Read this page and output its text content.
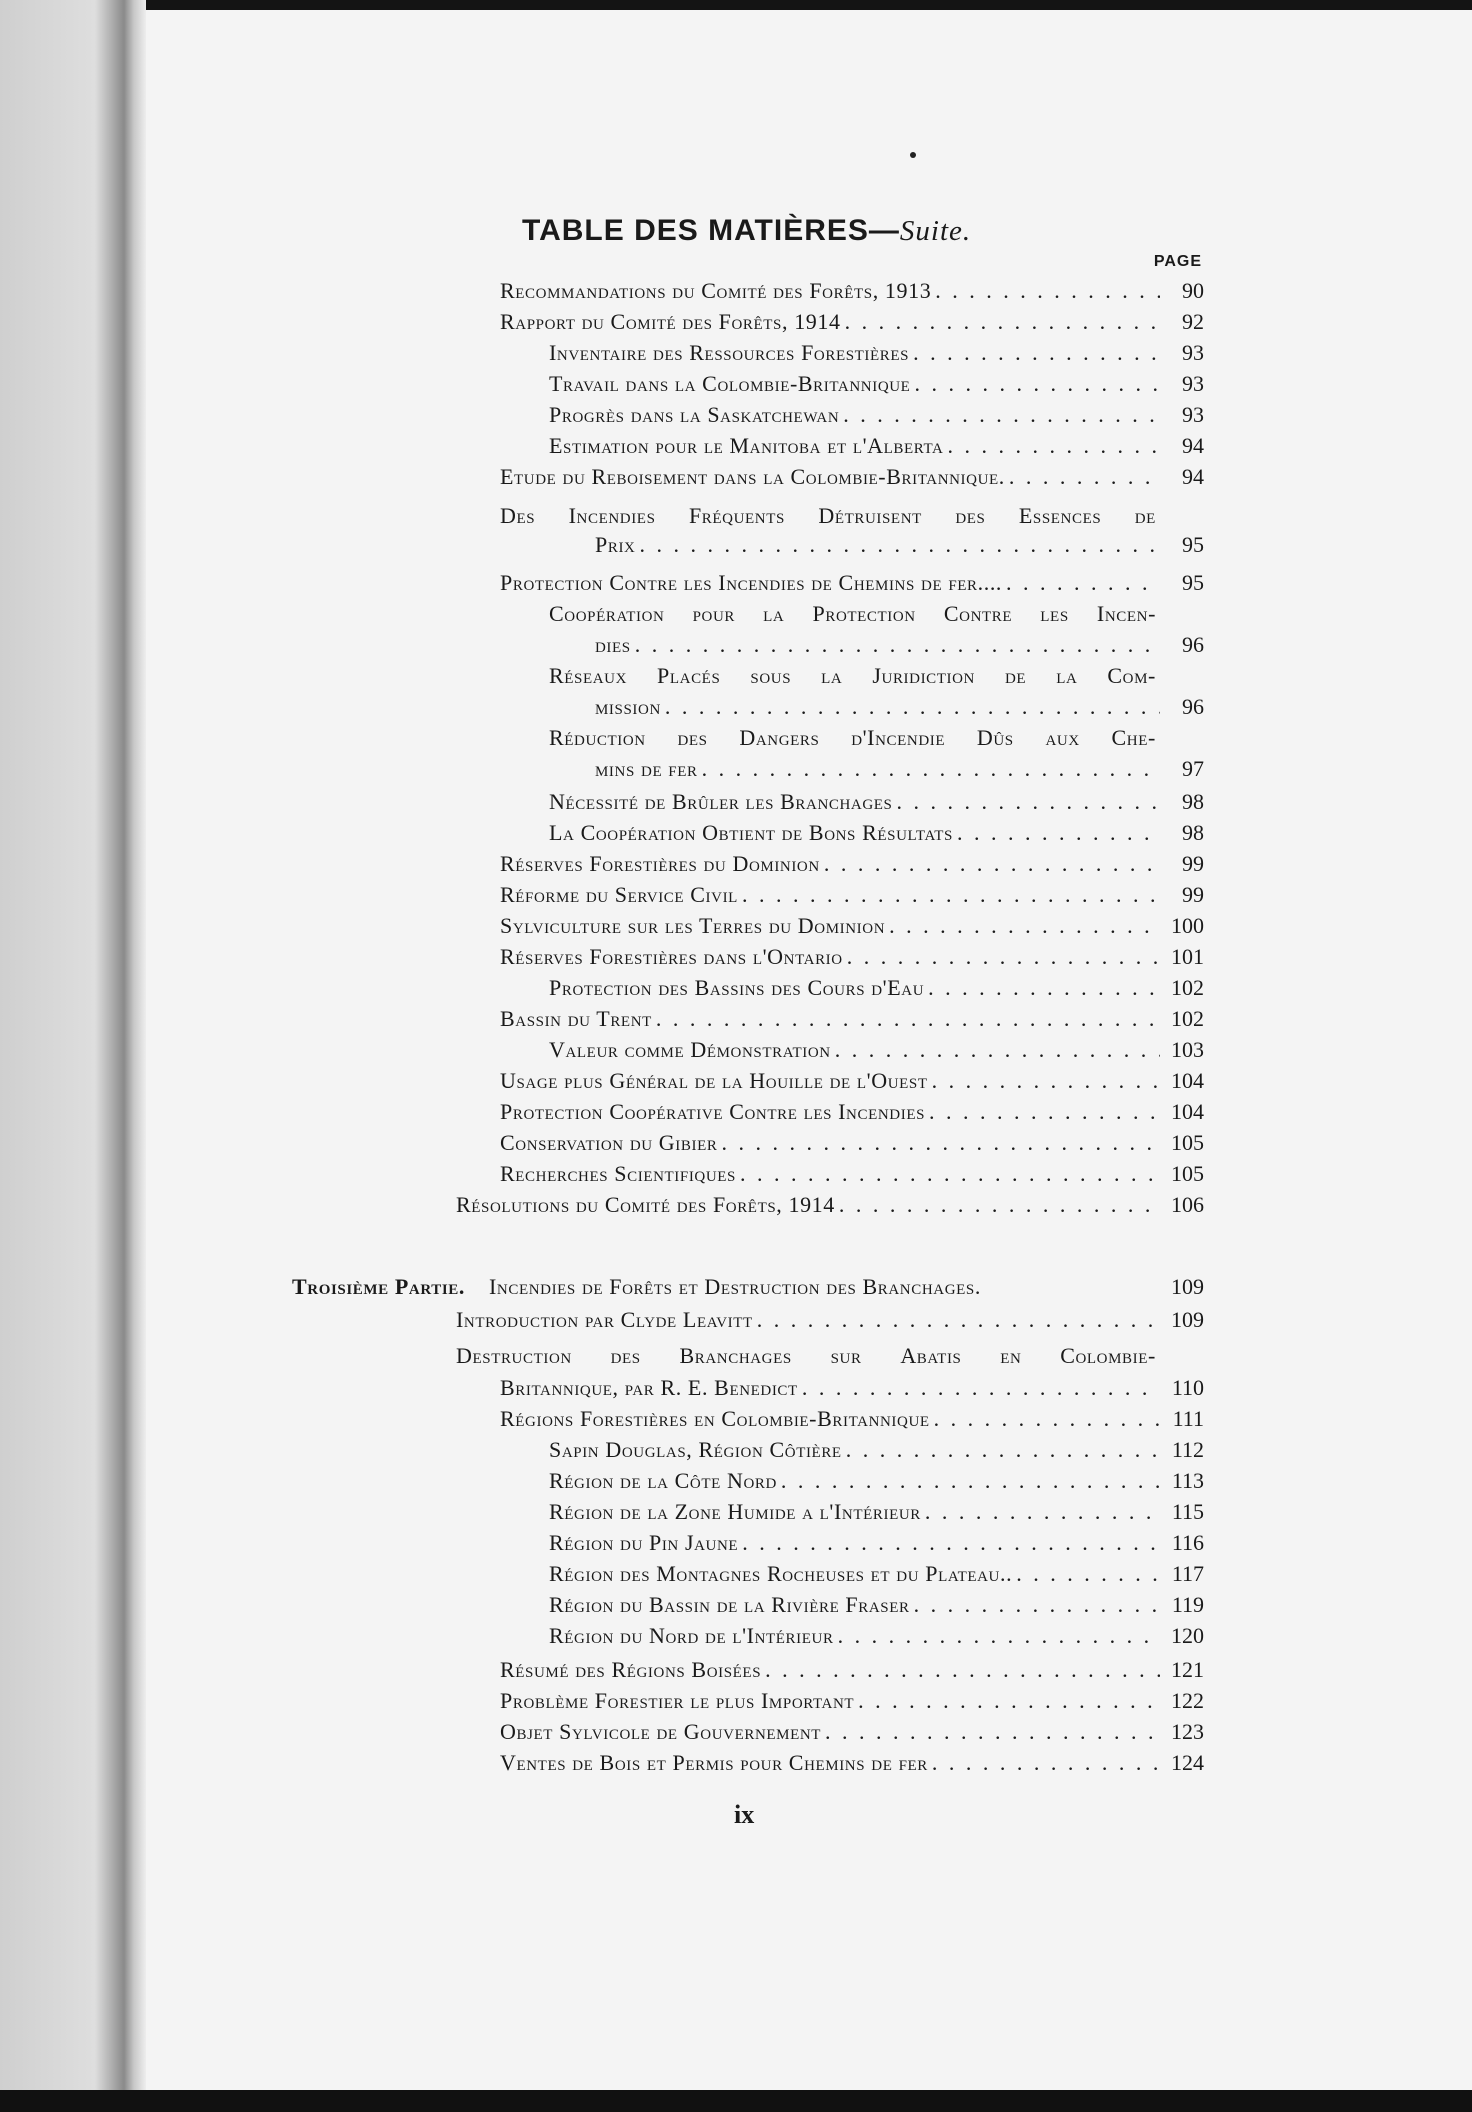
TABLE DES MATIÈRES—Suite.
PAGE
Recommandations du Comité des Forêts, 1913 . . .	90
Rapport du Comité des Forêts, 1914 . . .	92
Inventaire des Ressources Forestières . . .	93
Travail dans la Colombie-Britannique . . .	93
Progrès dans la Saskatchewan . . .	93
Estimation pour le Manitoba et l'Alberta . . .	94
Etude du Reboisement dans la Colombie-Britannique. . . .	94
Des Incendies Fréquents Détruisent des Essences de
Prix . . .	95
Protection Contre les Incendies de Chemins de fer.... . . .	95
Coopération pour la Protection Contre les Incen-
dies . . .	96
Réseaux Placés sous la Juridiction de la Com-
mission . . .	96
Réduction des Dangers d'Incendie Dûs aux Che-
mins de fer . . .	97
Nécessité de Brûler les Branchages . . .	98
La Coopération Obtient de Bons Résultats . . .	98
Réserves Forestières du Dominion . . .	99
Réforme du Service Civil . . .	99
Sylviculture sur les Terres du Dominion . . .	100
Réserves Forestières dans l'Ontario . . .	101
Protection des Bassins des Cours d'Eau . . .	102
Bassin du Trent . . .	102
Valeur comme Démonstration . . .	103
Usage plus Général de la Houille de l'Ouest . . .	104
Protection Coopérative Contre les Incendies . . .	104
Conservation du Gibier . . .	105
Recherches Scientifiques . . .	105
Résolutions du Comité des Forêts, 1914 . . .	106
Troisième Partie. Incendies de Forêts et Destruction des Branchages.	109
Introduction par Clyde Leavitt . . .	109
Destruction des Branchages sur Abatis en Colombie-
Britannique, par R. E. Benedict . . .	110
Régions Forestières en Colombie-Britannique . . .	111
Sapin Douglas, Région Côtière . . .	112
Région de la Côte Nord . . .	113
Région de la Zone Humide a l'Intérieur . . .	115
Région du Pin Jaune . . .	116
Région des Montagnes Rocheuses et du Plateau.. . . .	117
Région du Bassin de la Rivière Fraser . . .	119
Région du Nord de l'Intérieur . . .	120
Résumé des Régions Boisées . . .	121
Problème Forestier le plus Important . . .	122
Objet Sylvicole de Gouvernement . . .	123
Ventes de Bois et Permis pour Chemins de fer . . .	124

ix
